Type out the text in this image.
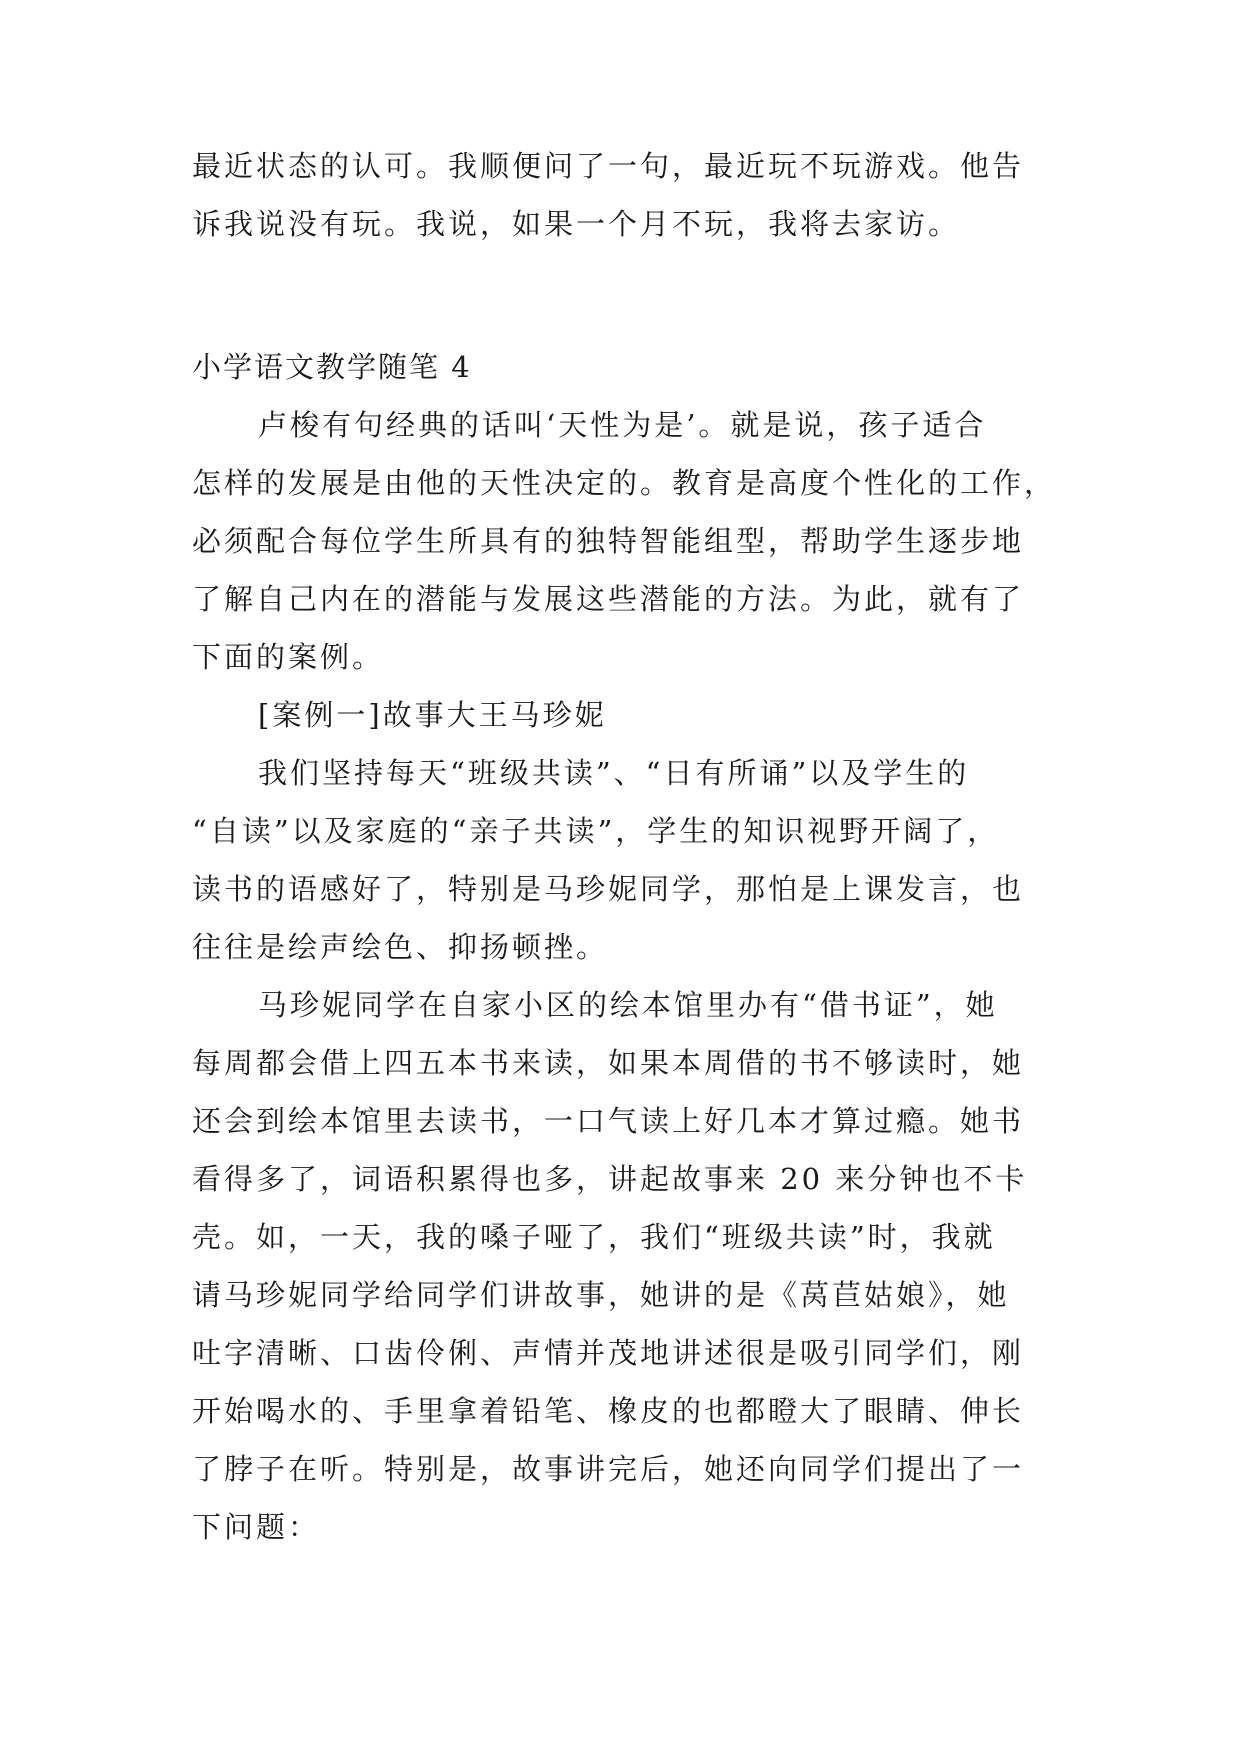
最近状态的认可。我顺便问了一句，最近玩不玩游戏。他告
诉我说没有玩。我说，如果一个月不玩，我将去家访。
小学语文教学随笔 4
卢梭有句经典的话叫‘天性为是’。就是说，孩子适合
怎样的发展是由他的天性决定的。教育是高度个性化的工作，
必须配合每位学生所具有的独特智能组型，帮助学生逐步地
了解自己内在的潜能与发展这些潜能的方法。为此，就有了
下面的案例。
[案例一]故事大王马珍妮
我们坚持每天“班级共读”、“日有所诵”以及学生的
“自读”以及家庭的“亲子共读”，学生的知识视野开阔了，
读书的语感好了，特别是马珍妮同学，那怕是上课发言，也
往往是绘声绘色、抑扬顿挫。
马珍妮同学在自家小区的绘本馆里办有“借书证”，她
每周都会借上四五本书来读，如果本周借的书不够读时，她
还会到绘本馆里去读书，一口气读上好几本才算过瘾。她书
看得多了，词语积累得也多，讲起故事来 20 来分钟也不卡
壳。如，一天，我的嗓子哑了，我们“班级共读”时，我就
请马珍妮同学给同学们讲故事，她讲的是《莴苣姑娘》，她
吐字清晰、口齿伶俐、声情并茂地讲述很是吸引同学们，刚
开始喝水的、手里拿着铅笔、橡皮的也都瞪大了眼睛、伸长
了脖子在听。特别是，故事讲完后，她还向同学们提出了一
下问题：
